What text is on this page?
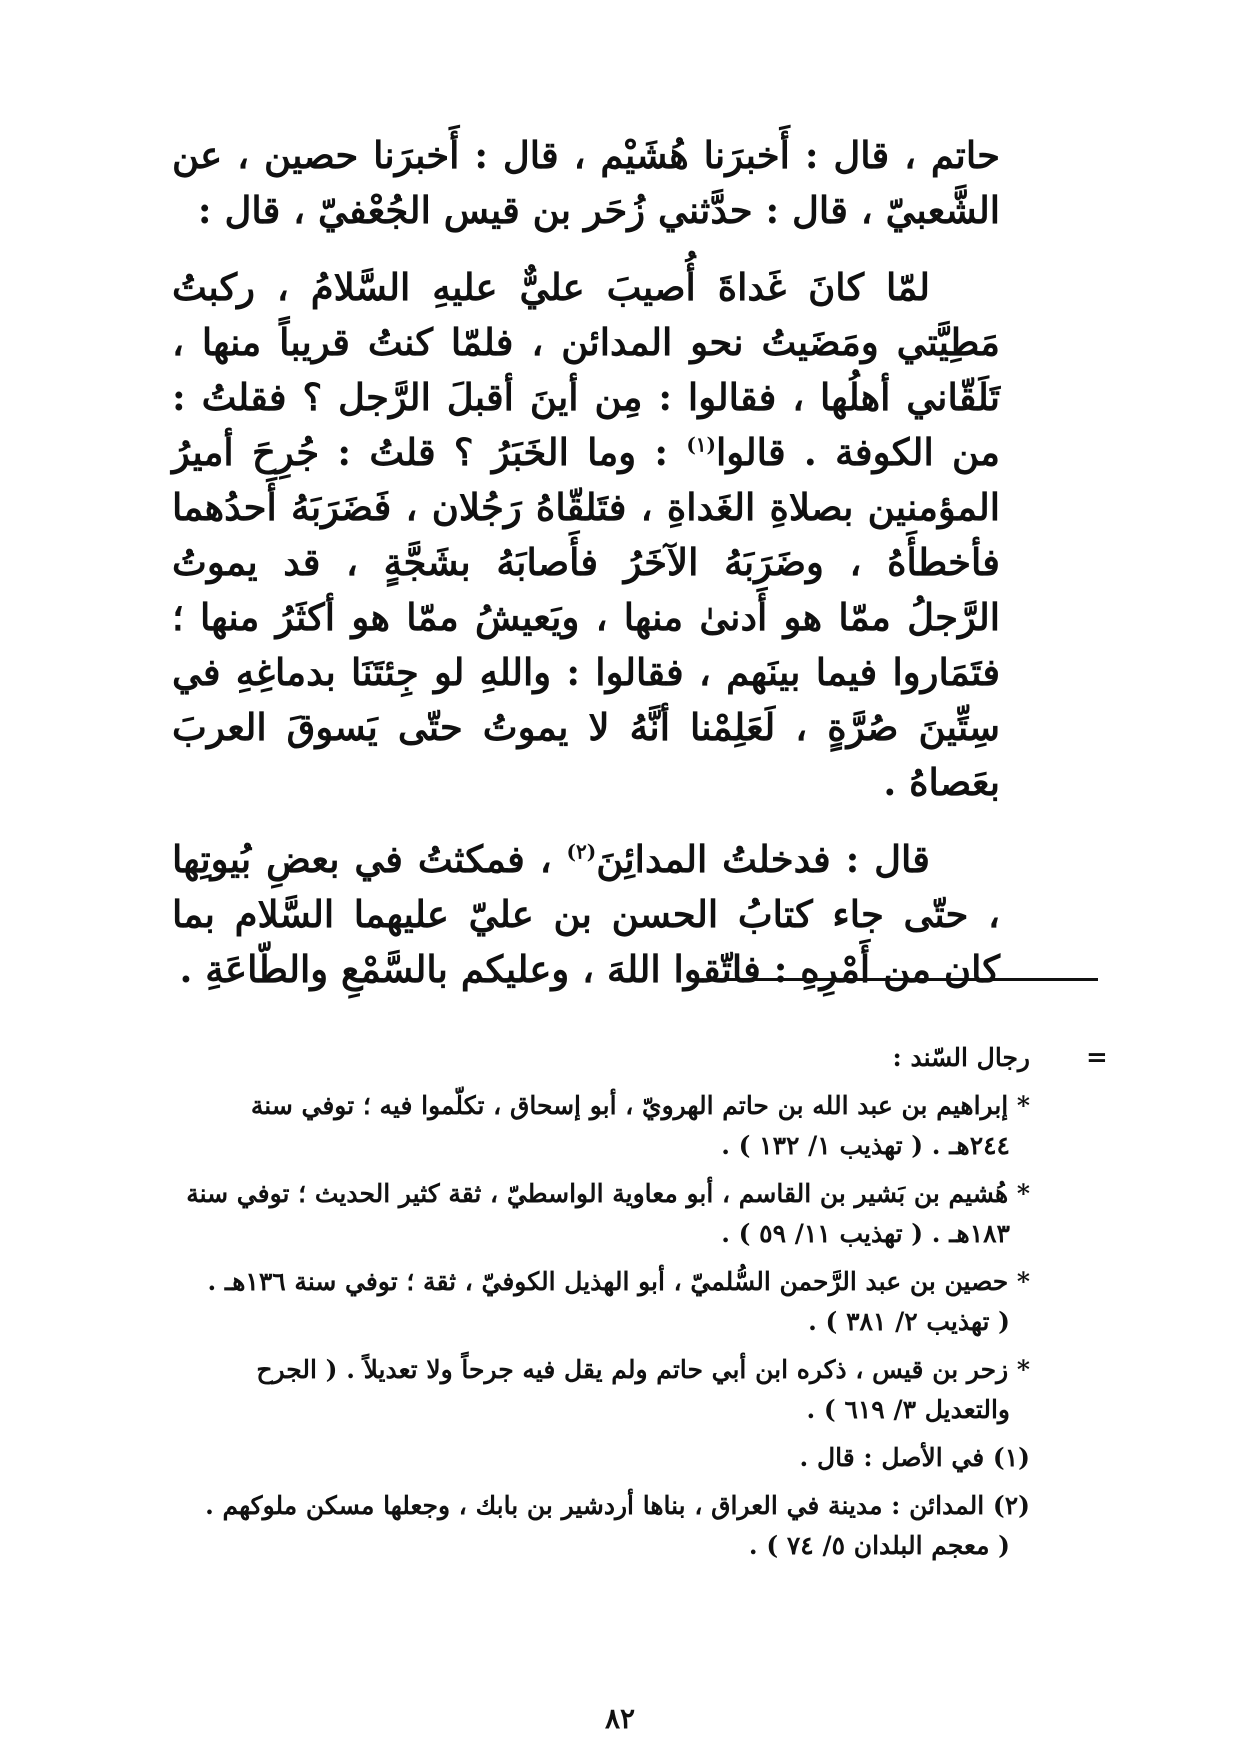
حاتم ، قال : أَخبرَنا هُشَيْم ، قال : أَخبرَنا حصين ، عن الشَّعبيّ ، قال : حدَّثني زُحَر بن قيس الجُعْفيّ ، قال :

لمّا كانَ غَداةَ أُصيبَ عليٌّ عليهِ السَّلامُ ، ركبتُ مَطِيَّتي ومَضَيتُ نحو المدائن ، فلمّا كنتُ قريباً منها ، تَلَقّاني أهلُها ، فقالوا : مِن أينَ أقبلَ الرَّجل ؟ فقلتُ : من الكوفة . قالوا$^{(١)}$ : وما الخَبَرُ ؟ قلتُ : جُرِحَ أميرُ المؤمنين بصلاةِ الغَداةِ ، فتَلقّاهُ رَجُلان ، فَضَرَبَهُ أَحدُهما فأخطأَهُ ، وضَرَبَهُ الآخَرُ فأَصابَهُ بشَجَّةٍ ، قد يموتُ الرَّجلُ ممّا هو أَدنىٰ منها ، ويَعيشُ ممّا هو أكثَرُ منها ؛ فتَمَاروا فيما بينَهم ، فقالوا : واللهِ لو جِئتَنَا بدماغِهِ في سِتِّينَ صُرَّةٍ ، لَعَلِمْنا أنَّهُ لا يموتُ حتّى يَسوقَ العربَ بعَصاهُ .

قال : فدخلتُ المدائِنَ$^{(٢)}$ ، فمكثتُ في بعضِ بُيوتِها ، حتّى جاء كتابُ الحسن بن عليّ عليهما السَّلام بما كان من أَمْرِهِ : فاتّقوا اللهَ ، وعليكم بالسَّمْعِ والطّاعَةِ .

=
رجال السّند :
* إبراهيم بن عبد الله بن حاتم الهرويّ ، أبو إسحاق ، تكلّموا فيه ؛ توفي سنة
٢٤٤هـ . ( تهذيب ١/ ١٣٢ ) .
* هُشيم بن بَشير بن القاسم ، أبو معاوية الواسطيّ ، ثقة كثير الحديث ؛ توفي سنة
١٨٣هـ . ( تهذيب ١١/ ٥٩ ) .
* حصين بن عبد الرَّحمن السُّلميّ ، أبو الهذيل الكوفيّ ، ثقة ؛ توفي سنة ١٣٦هـ .
( تهذيب ٢/ ٣٨١ ) .
* زحر بن قيس ، ذكره ابن أبي حاتم ولم يقل فيه جرحاً ولا تعديلاً . ( الجرح
والتعديل ٣/ ٦١٩ ) .
(١) في الأصل : قال .
(٢) المدائن : مدينة في العراق ، بناها أردشير بن بابك ، وجعلها مسكن ملوكهم .
( معجم البلدان ٥/ ٧٤ ) .
٨٢
